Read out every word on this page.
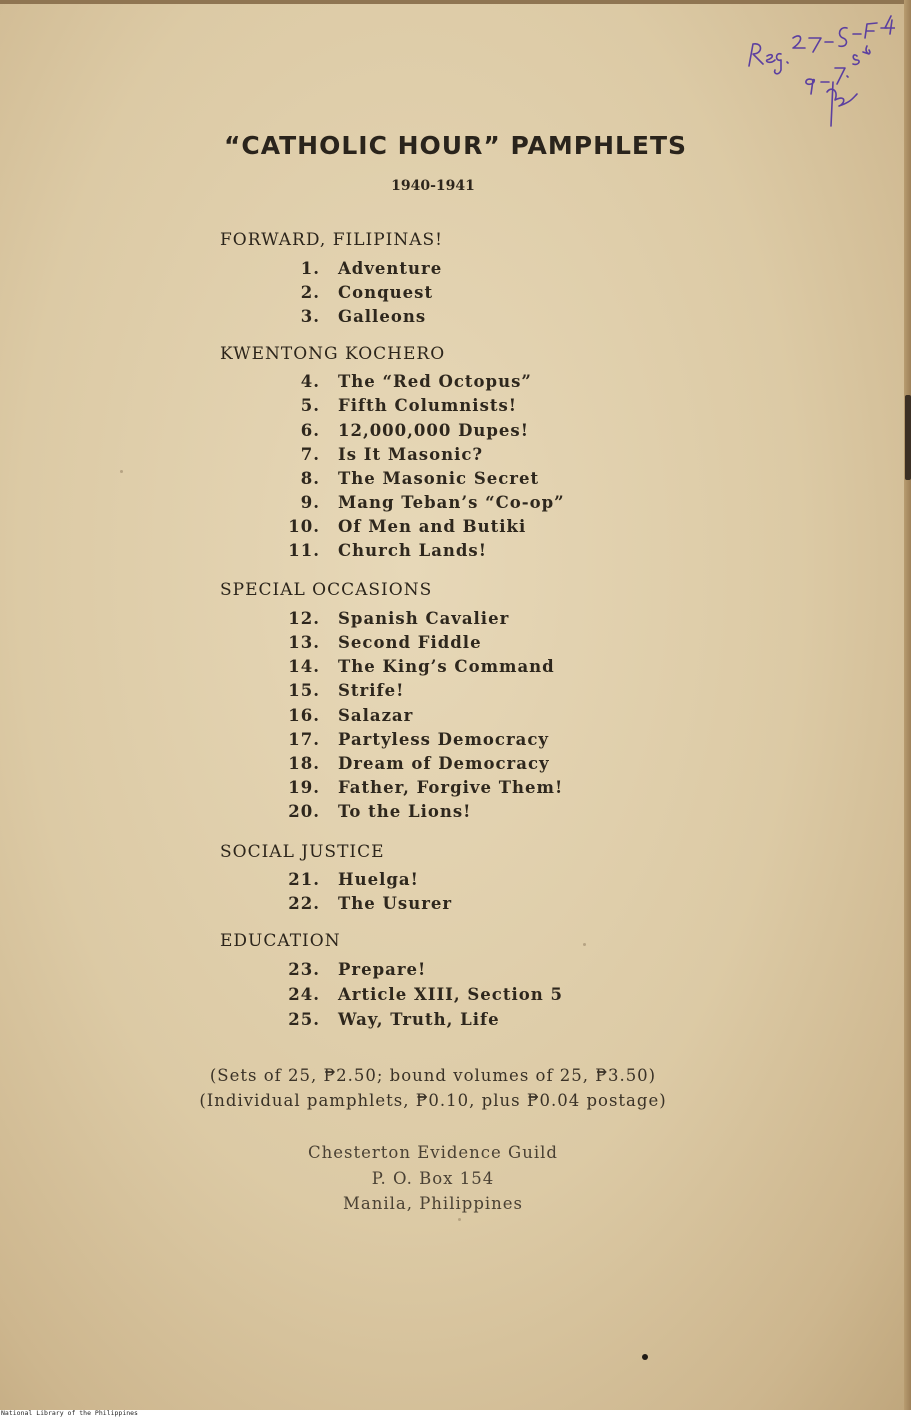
“CATHOLIC HOUR” PAMPHLETS
1940-1941
FORWARD, FILIPINAS!
1. Adventure
2. Conquest
3. Galleons
KWENTONG KOCHERO
4. The “Red Octopus”
5. Fifth Columnists!
6. 12,000,000 Dupes!
7. Is It Masonic?
8. The Masonic Secret
9. Mang Teban’s “Co-op”
10. Of Men and Butiki
11. Church Lands!
SPECIAL OCCASIONS
12. Spanish Cavalier
13. Second Fiddle
14. The King’s Command
15. Strife!
16. Salazar
17. Partyless Democracy
18. Dream of Democracy
19. Father, Forgive Them!
20. To the Lions!
SOCIAL JUSTICE
21. Huelga!
22. The Usurer
EDUCATION
23. Prepare!
24. Article XIII, Section 5
25. Way, Truth, Life
(Sets of 25, ₱2.50; bound volumes of 25, ₱3.50)
(Individual pamphlets, ₱0.10, plus ₱0.04 postage)
Chesterton Evidence Guild
P. O. Box 154
Manila, Philippines
National Library of the Philippines
